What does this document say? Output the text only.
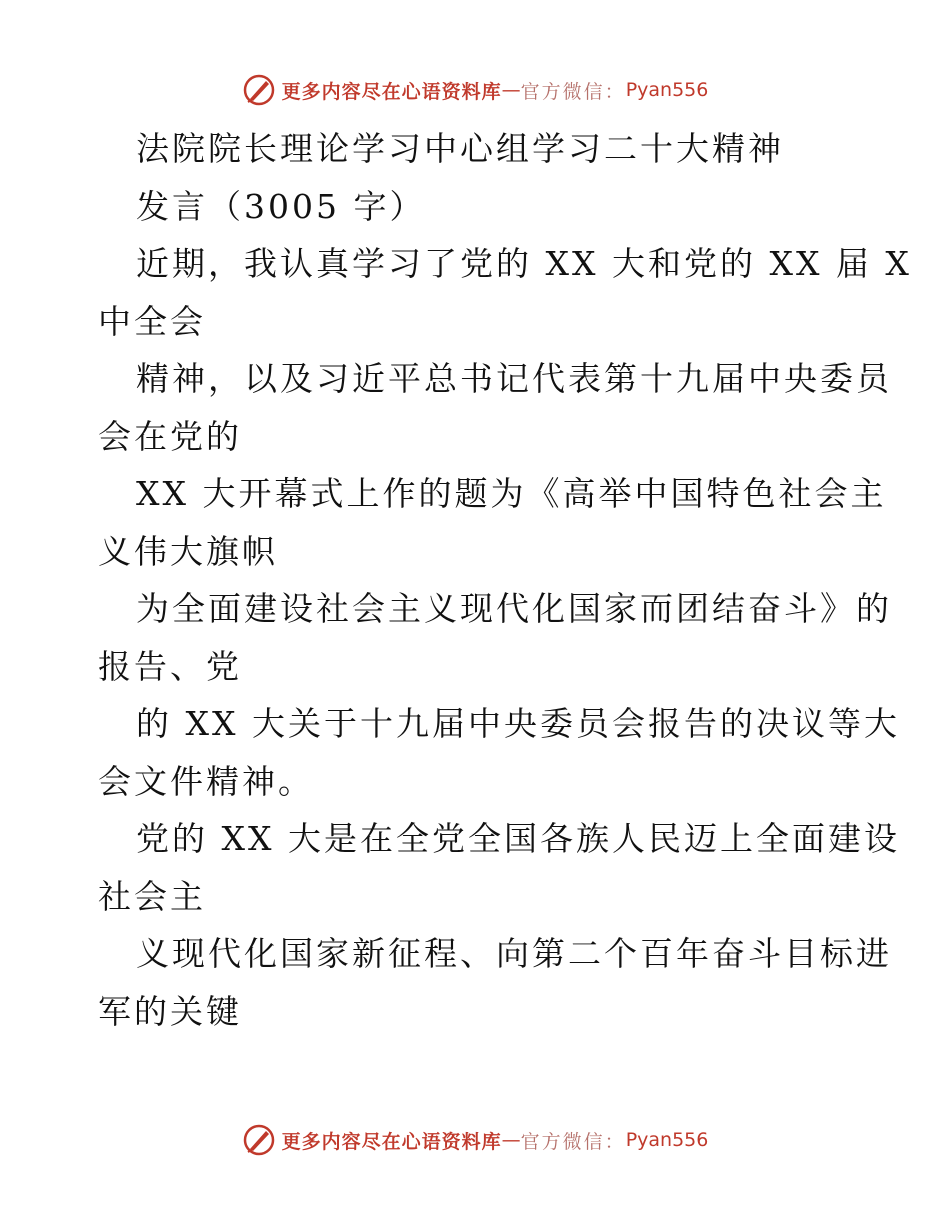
更多内容尽在心语资料库 — 官方微信： Pyan556
法院院长理论学习中心组学习二十大精神
发言（3005 字）
近期，我认真学习了党的 XX 大和党的 XX 届 X
中全会
精神，以及习近平总书记代表第十九届中央委员
会在党的
XX 大开幕式上作的题为《高举中国特色社会主
义伟大旗帜
为全面建设社会主义现代化国家而团结奋斗》的
报告、党
的 XX 大关于十九届中央委员会报告的决议等大
会文件精神。
党的 XX 大是在全党全国各族人民迈上全面建设
社会主
义现代化国家新征程、向第二个百年奋斗目标进
军的关键
更多内容尽在心语资料库 — 官方微信： Pyan556
